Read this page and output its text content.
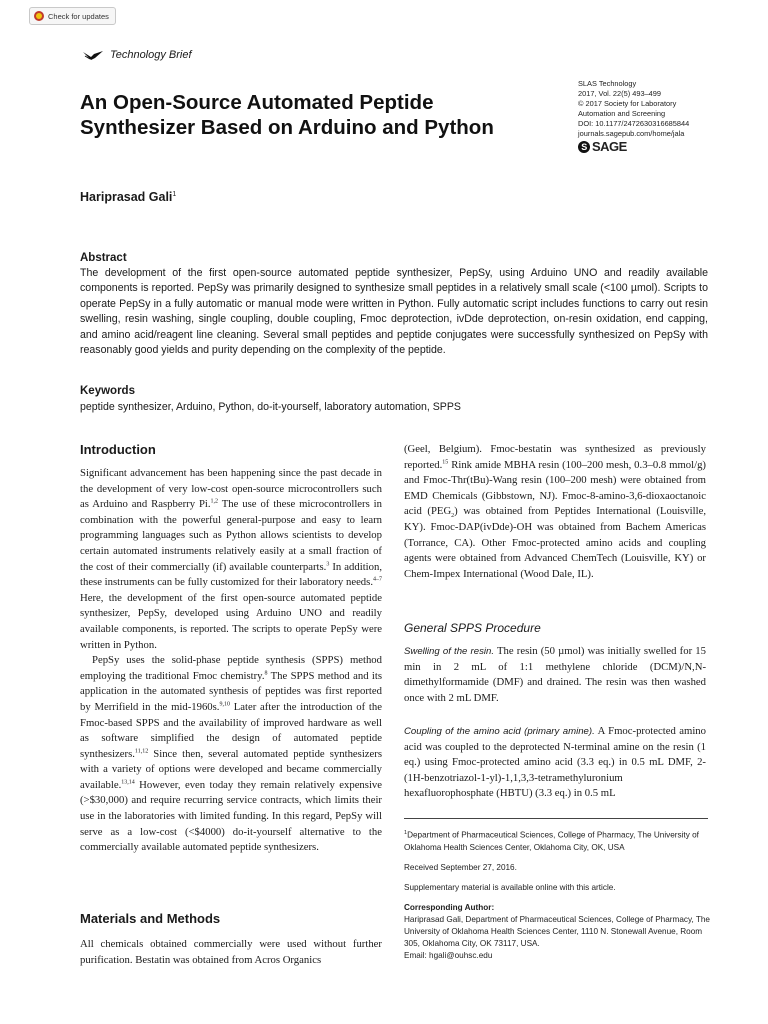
Check for updates
Technology Brief
An Open-Source Automated Peptide
Synthesizer Based on Arduino and Python
SLAS Technology
2017, Vol. 22(5) 493–499
© 2017 Society for Laboratory
Automation and Screening
DOI: 10.1177/2472630316685844
journals.sagepub.com/home/jala
S SAGE
Hariprasad Gali$^1$
Abstract
The development of the first open-source automated peptide synthesizer, PepSy, using Arduino UNO and readily available components is reported. PepSy was primarily designed to synthesize small peptides in a relatively small scale (<100 µmol). Scripts to operate PepSy in a fully automatic or manual mode were written in Python. Fully automatic script includes functions to carry out resin swelling, resin washing, single coupling, double coupling, Fmoc deprotection, ivDde deprotection, on-resin oxidation, end capping, and amino acid/reagent line cleaning. Several small peptides and peptide conjugates were successfully synthesized on PepSy with reasonably good yields and purity depending on the complexity of the peptide.
Keywords
peptide synthesizer, Arduino, Python, do-it-yourself, laboratory automation, SPPS
Introduction

Significant advancement has been happening since the past decade in the development of very low-cost open-source microcontrollers such as Arduino and Raspberry Pi.$^{1,2}$ The use of these microcontrollers in combination with the powerful general-purpose and easy to learn programming languages such as Python allows scientists to develop certain automated instruments relatively easily at a small fraction of the cost of their commercially (if) available counterparts.$^3$ In addition, these instruments can be fully customized for their laboratory needs.$^{4-7}$ Here, the development of the first open-source automated peptide synthesizer, PepSy, developed using Arduino UNO and readily available components, is reported. The scripts to operate PepSy were written in Python.

PepSy uses the solid-phase peptide synthesis (SPPS) method employing the traditional Fmoc chemistry.$^8$ The SPPS method and its application in the automated synthesis of peptides was first reported by Merrifield in the mid-1960s.$^{9,10}$ Later after the introduction of the Fmoc-based SPPS and the availability of improved hardware as well as software simplified the design of automated peptide synthesizers.$^{11,12}$ Since then, several automated peptide synthesizers with a variety of options were developed and became commercially available.$^{13,14}$ However, even today they remain relatively expensive (>$30,000) and require recurring service contracts, which limits their use in the laboratories with limited funding. In this regard, PepSy will serve as a low-cost (<$4000) do-it-yourself alternative to the commercially available automated peptide synthesizers.

Materials and Methods

All chemicals obtained commercially were used without further purification. Bestatin was obtained from Acros Organics

(Geel, Belgium). Fmoc-bestatin was synthesized as previously reported.$^{15}$ Rink amide MBHA resin (100–200 mesh, 0.3–0.8 mmol/g) and Fmoc-Thr(tBu)-Wang resin (100–200 mesh) were obtained from EMD Chemicals (Gibbstown, NJ). Fmoc-8-amino-3,6-dioxaoctanoic acid $(PEG_2)$ was obtained from Peptides International (Louisville, KY). Fmoc-DAP(ivDde)-OH was obtained from Bachem Americas (Torrance, CA). Other Fmoc-protected amino acids and coupling agents were obtained from Advanced ChemTech (Louisville, KY) or Chem-Impex International (Wood Dale, IL).

General SPPS Procedure

Swelling of the resin. The resin (50 µmol) was initially swelled for 15 min in 2 mL of 1:1 methylene chloride (DCM)/N,N-dimethylformamide (DMF) and drained. The resin was then washed once with 2 mL DMF.

Coupling of the amino acid (primary amine). A Fmoc-protected amino acid was coupled to the deprotected N-terminal amine on the resin (1 eq.) using Fmoc-protected amino acid (3.3 eq.) in 0.5 mL DMF, 2-(1H-benzotriazol-1-yl)-1,1,3,3-tetramethyluronium hexafluorophosphate (HBTU) (3.3 eq.) in 0.5 mL

$^1$Department of Pharmaceutical Sciences, College of Pharmacy, The University of Oklahoma Health Sciences Center, Oklahoma City, OK, USA

Received September 27, 2016.

Supplementary material is available online with this article.

Corresponding Author:

Hariprasad Gali, Department of Pharmaceutical Sciences, College of Pharmacy, The University of Oklahoma Health Sciences Center, 1110 N. Stonewall Avenue, Room 305, Oklahoma City, OK 73117, USA.

Email: hgali@ouhsc.edu
